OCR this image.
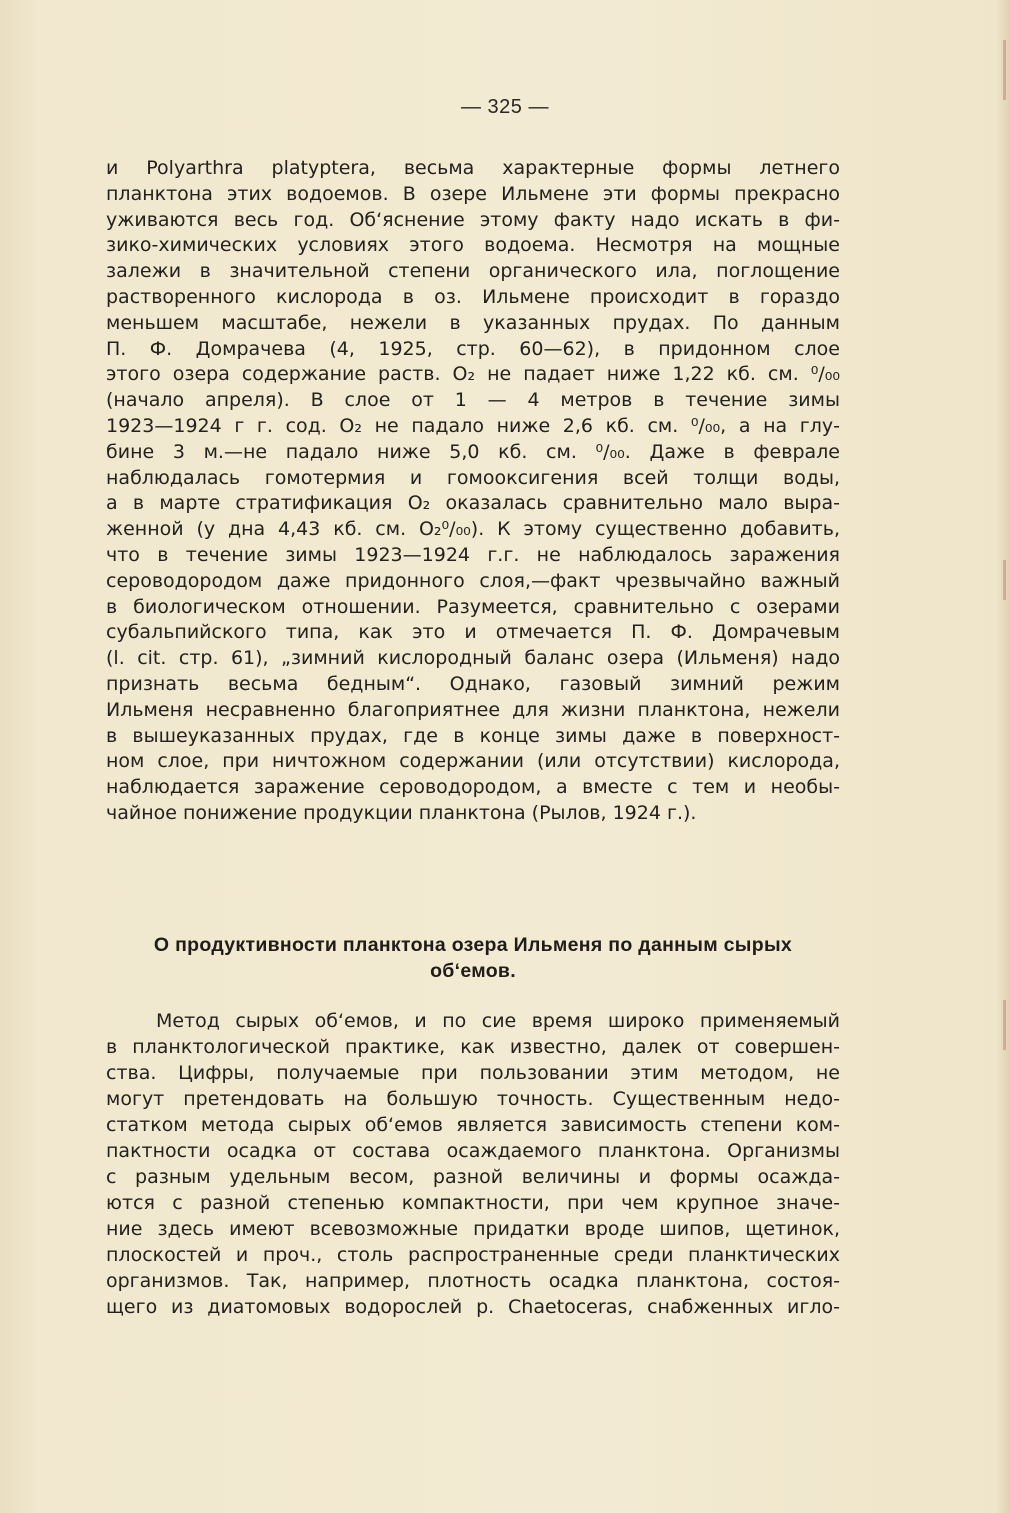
— 325 —
и Polyarthra platyptera, весьма характерные формы летнего
планктона этих водоемов. В озере Ильмене эти формы прекрасно
уживаются весь год. Об‘яснение этому факту надо искать в фи-
зико-химических условиях этого водоема. Несмотря на мощные
залежи в значительной степени органического ила, поглощение
растворенного кислорода в оз. Ильмене происходит в гораздо
меньшем масштабе, нежели в указанных прудах. По данным
П. Ф. Домрачева (4, 1925, стр. 60—62), в придонном слое
этого озера содержание раств. O₂ не падает ниже 1,22 кб. см. ⁰/₀₀
(начало апреля). В слое от 1 — 4 метров в течение зимы
1923—1924 г г. сод. O₂ не падало ниже 2,6 кб. см. ⁰/₀₀, а на глу-
бине 3 м.—не падало ниже 5,0 кб. см. ⁰/₀₀. Даже в феврале
наблюдалась гомотермия и гомооксигения всей толщи воды,
а в марте стратификация O₂ оказалась сравнительно мало выра-
женной (у дна 4,43 кб. см. O₂⁰/₀₀). К этому существенно добавить,
что в течение зимы 1923—1924 г.г. не наблюдалось заражения
сероводородом даже придонного слоя,—факт чрезвычайно важный
в биологическом отношении. Разумеется, сравнительно с озерами
субальпийского типа, как это и отмечается П. Ф. Домрачевым
(l. cit. стр. 61), „зимний кислородный баланс озера (Ильменя) надо
признать весьма бедным“. Однако, газовый зимний режим
Ильменя несравненно благоприятнее для жизни планктона, нежели
в вышеуказанных прудах, где в конце зимы даже в поверхност-
ном слое, при ничтожном содержании (или отсутствии) кислорода,
наблюдается заражение сероводородом, а вместе с тем и необы-
чайное понижение продукции планктона (Рылов, 1924 г.).
О продуктивности планктона озера Ильменя по данным сырых
об‘емов.
Метод сырых об‘емов, и по сие время широко применяемый
в планктологической практике, как известно, далек от совершен-
ства. Цифры, получаемые при пользовании этим методом, не
могут претендовать на большую точность. Существенным недо-
статком метода сырых об‘емов является зависимость степени ком-
пактности осадка от состава осаждаемого планктона. Организмы
с разным удельным весом, разной величины и формы осажда-
ются с разной степенью компактности, при чем крупное значе-
ние здесь имеют всевозможные придатки вроде шипов, щетинок,
плоскостей и проч., столь распространенные среди планктических
организмов. Так, например, плотность осадка планктона, состоя-
щего из диатомовых водорослей р. Chaetoceras, снабженных игло-
